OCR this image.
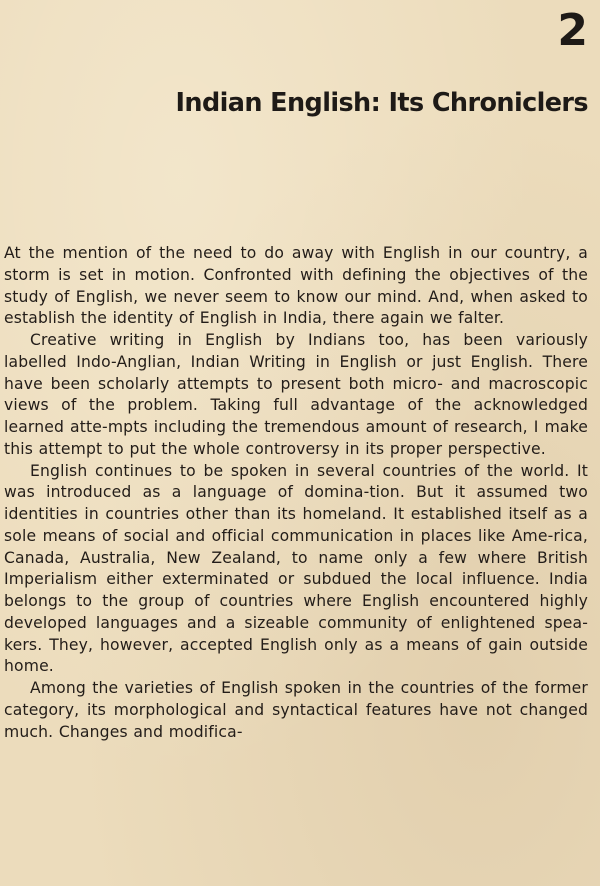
2
Indian English: Its Chroniclers

At the mention of the need to do away with English in our country, a storm is set in motion. Confronted with defining the objectives of the study of English, we never seem to know our mind. And, when asked to establish the identity of English in India, there again we falter.

Creative writing in English by Indians too, has been variously labelled Indo-Anglian, Indian Writing in English or just English. There have been scholarly attempts to present both micro- and macroscopic views of the problem. Taking full advantage of the acknowledged learned atte-mpts including the tremendous amount of research, I make this attempt to put the whole controversy in its proper perspective.

English continues to be spoken in several countries of the world. It was introduced as a language of domina-tion. But it assumed two identities in countries other than its homeland. It established itself as a sole means of social and official communication in places like Ame-rica, Canada, Australia, New Zealand, to name only a few where British Imperialism either exterminated or subdued the local influence. India belongs to the group of countries where English encountered highly developed languages and a sizeable community of enlightened spea-kers. They, however, accepted English only as a means of gain outside home.

Among the varieties of English spoken in the countries of the former category, its morphological and syntactical features have not changed much. Changes and modifica-
